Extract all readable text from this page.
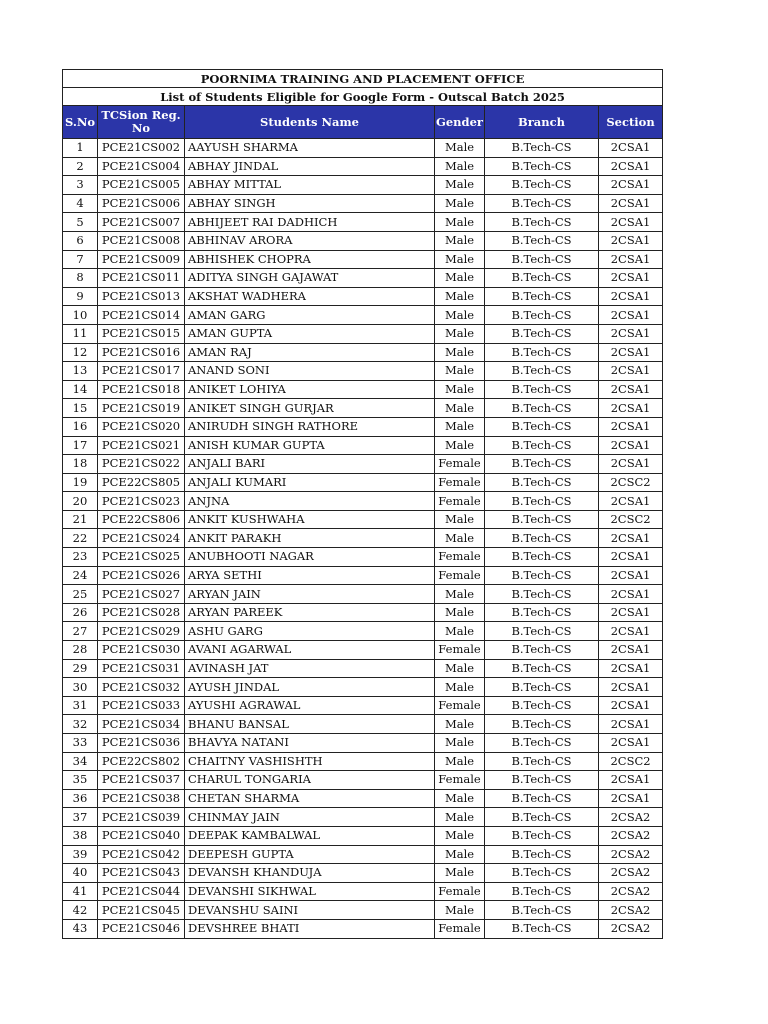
POORNIMA TRAINING AND PLACEMENT OFFICE					
List of Students Eligible for Google Form - Outscal Batch 2025					
S.No	TCSion Reg. No	Students Name	Gender	Branch	Section
1	PCE21CS002	AAYUSH SHARMA	Male	B.Tech-CS	2CSA1
2	PCE21CS004	ABHAY JINDAL	Male	B.Tech-CS	2CSA1
3	PCE21CS005	ABHAY MITTAL	Male	B.Tech-CS	2CSA1
4	PCE21CS006	ABHAY SINGH	Male	B.Tech-CS	2CSA1
5	PCE21CS007	ABHIJEET RAI DADHICH	Male	B.Tech-CS	2CSA1
6	PCE21CS008	ABHINAV ARORA	Male	B.Tech-CS	2CSA1
7	PCE21CS009	ABHISHEK CHOPRA	Male	B.Tech-CS	2CSA1
8	PCE21CS011	ADITYA SINGH GAJAWAT	Male	B.Tech-CS	2CSA1
9	PCE21CS013	AKSHAT WADHERA	Male	B.Tech-CS	2CSA1
10	PCE21CS014	AMAN GARG	Male	B.Tech-CS	2CSA1
11	PCE21CS015	AMAN GUPTA	Male	B.Tech-CS	2CSA1
12	PCE21CS016	AMAN RAJ	Male	B.Tech-CS	2CSA1
13	PCE21CS017	ANAND SONI	Male	B.Tech-CS	2CSA1
14	PCE21CS018	ANIKET LOHIYA	Male	B.Tech-CS	2CSA1
15	PCE21CS019	ANIKET SINGH GURJAR	Male	B.Tech-CS	2CSA1
16	PCE21CS020	ANIRUDH SINGH RATHORE	Male	B.Tech-CS	2CSA1
17	PCE21CS021	ANISH KUMAR GUPTA	Male	B.Tech-CS	2CSA1
18	PCE21CS022	ANJALI BARI	Female	B.Tech-CS	2CSA1
19	PCE22CS805	ANJALI KUMARI	Female	B.Tech-CS	2CSC2
20	PCE21CS023	ANJNA	Female	B.Tech-CS	2CSA1
21	PCE22CS806	ANKIT KUSHWAHA	Male	B.Tech-CS	2CSC2
22	PCE21CS024	ANKIT PARAKH	Male	B.Tech-CS	2CSA1
23	PCE21CS025	ANUBHOOTI NAGAR	Female	B.Tech-CS	2CSA1
24	PCE21CS026	ARYA SETHI	Female	B.Tech-CS	2CSA1
25	PCE21CS027	ARYAN JAIN	Male	B.Tech-CS	2CSA1
26	PCE21CS028	ARYAN PAREEK	Male	B.Tech-CS	2CSA1
27	PCE21CS029	ASHU GARG	Male	B.Tech-CS	2CSA1
28	PCE21CS030	AVANI AGARWAL	Female	B.Tech-CS	2CSA1
29	PCE21CS031	AVINASH JAT	Male	B.Tech-CS	2CSA1
30	PCE21CS032	AYUSH JINDAL	Male	B.Tech-CS	2CSA1
31	PCE21CS033	AYUSHI AGRAWAL	Female	B.Tech-CS	2CSA1
32	PCE21CS034	BHANU BANSAL	Male	B.Tech-CS	2CSA1
33	PCE21CS036	BHAVYA NATANI	Male	B.Tech-CS	2CSA1
34	PCE22CS802	CHAITNY VASHISHTH	Male	B.Tech-CS	2CSC2
35	PCE21CS037	CHARUL TONGARIA	Female	B.Tech-CS	2CSA1
36	PCE21CS038	CHETAN SHARMA	Male	B.Tech-CS	2CSA1
37	PCE21CS039	CHINMAY JAIN	Male	B.Tech-CS	2CSA2
38	PCE21CS040	DEEPAK KAMBALWAL	Male	B.Tech-CS	2CSA2
39	PCE21CS042	DEEPESH GUPTA	Male	B.Tech-CS	2CSA2
40	PCE21CS043	DEVANSH KHANDUJA	Male	B.Tech-CS	2CSA2
41	PCE21CS044	DEVANSHI SIKHWAL	Female	B.Tech-CS	2CSA2
42	PCE21CS045	DEVANSHU SAINI	Male	B.Tech-CS	2CSA2
43	PCE21CS046	DEVSHREE BHATI	Female	B.Tech-CS	2CSA2
